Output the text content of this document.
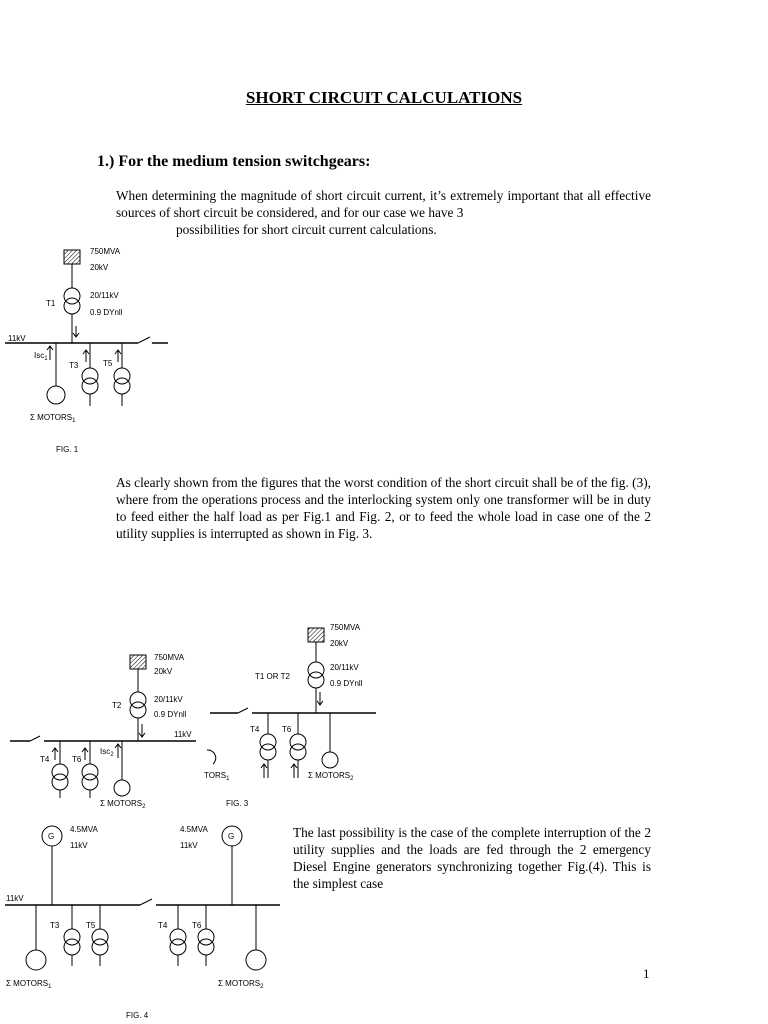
SHORT CIRCUIT CALCULATIONS
1.) For the medium tension switchgears:
When determining the magnitude of short circuit current, it’s extremely important that all effective sources of short circuit be considered, and for our case we have 3
possibilities for short circuit current calculations.
As clearly shown from the figures that the worst condition of the short circuit shall be of the fig. (3), where from the operations process and the interlocking system only one transformer will be in duty to feed either the half load as per Fig.1 and Fig. 2, or to feed the whole load in case one of the 2 utility supplies is interrupted as shown in Fig. 3.
The last possibility is the case of the complete interruption of the 2 utility supplies and the loads are fed through the 2 emergency Diesel Engine generators synchronizing together Fig.(4). This is the simplest case
1
750MVA
20kV
T1
20/11kV
0.9 DYnll
11kV
Isc$_1$
Σ $MOTORS_1$
T3	T5
FIG. 1
750MVA
20kV
T2
20/11kV
0.9 DYnll
11kV
T4	T6
Isc$_2$
Σ $MOTORS_2$
750MVA
20kV
T1 OR T2
20/11kV
0.9 DYnll
T4	T6
Σ $MOTORS_2$
$TORS_1$
FIG. 3
G
4.5MVA
11kV
G
4.5MVA
11kV
11kV
Σ $MOTORS_1$
T3	T5	T4	T6
Σ $MOTORS_2$
FIG. 4
